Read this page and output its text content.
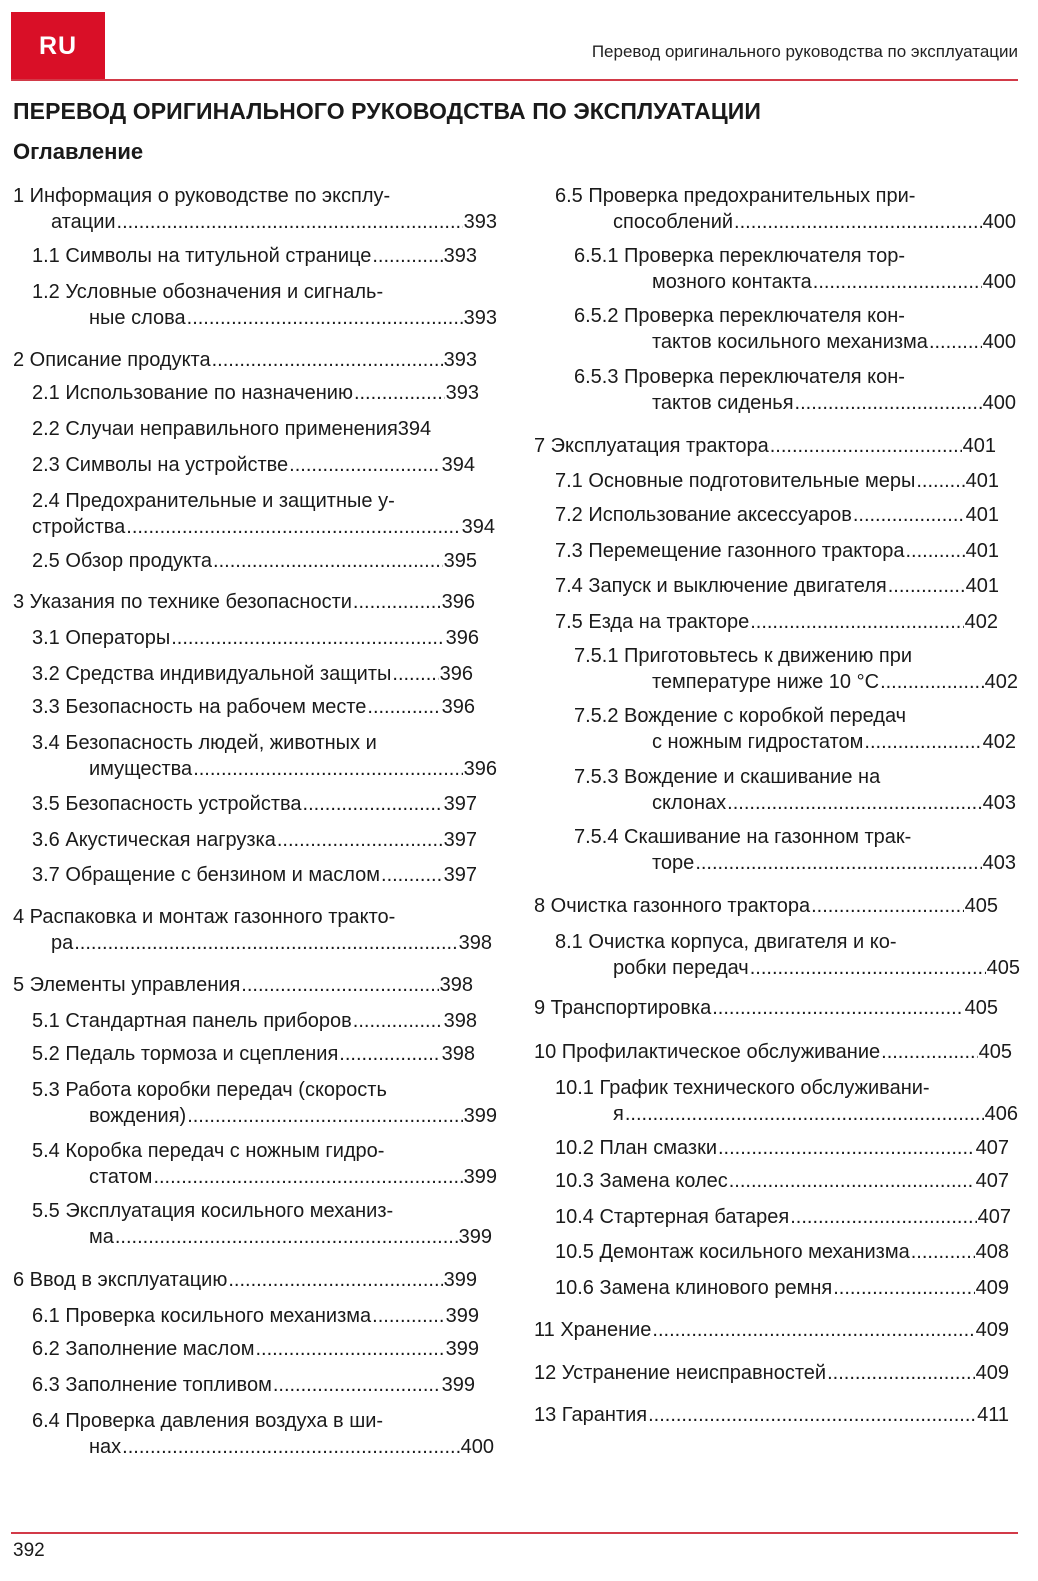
RU	Перевод оригинального руководства по эксплуатации
ПЕРЕВОД ОРИГИНАЛЬНОГО РУКОВОДСТВА ПО ЭКСПЛУАТАЦИИ
Оглавление
1 Информация о руководстве по эксплу-
атации .....	393
1.1 Символы на титульной странице .....	393
1.2 Условные обозначения и сигналь-
ные слова .....	393
2 Описание продукта .....	393
2.1 Использование по назначению .....	393
2.2 Случаи неправильного применения 394
2.3 Символы на устройстве .....	394
2.4 Предохранительные и защитные у-
стройства .....	394
2.5 Обзор продукта .....	395
3 Указания по технике безопасности .....	396
3.1 Операторы .....	396
3.2 Средства индивидуальной защиты ..... 396
3.3 Безопасность на рабочем месте .....	396
3.4 Безопасность людей, животных и
имущества .....	396
3.5 Безопасность устройства .....	397
3.6 Акустическая нагрузка .....	397
3.7 Обращение с бензином и маслом .....	397
4 Распаковка и монтаж газонного тракто-
ра .....	398
5 Элементы управления .....	398
5.1 Стандартная панель приборов .....	398
5.2 Педаль тормоза и сцепления .....	398
5.3 Работа коробки передач (скорость
вождения) .....	399
5.4 Коробка передач с ножным гидро-
статом .....	399
5.5 Эксплуатация косильного механиз-
ма .....	399
6 Ввод в эксплуатацию .....	399
6.1 Проверка косильного механизма .....	399
6.2 Заполнение маслом .....	399
6.3 Заполнение топливом .....	399
6.4 Проверка давления воздуха в ши-
нах .....	400
6.5 Проверка предохранительных при-
способлений .....	400
6.5.1 Проверка переключателя тор-
мозного контакта .....	400
6.5.2 Проверка переключателя кон-
тактов косильного механизма .....	400
6.5.3 Проверка переключателя кон-
тактов сиденья .....	400
7 Эксплуатация трактора .....	401
7.1 Основные подготовительные меры .....	401
7.2 Использование аксессуаров .....	401
7.3 Перемещение газонного трактора .....	401
7.4 Запуск и выключение двигателя .....	401
7.5 Езда на тракторе .....	402
7.5.1 Приготовьтесь к движению при
температуре ниже 10 °C .....	402
7.5.2 Вождение с коробкой передач
с ножным гидростатом .....	402
7.5.3 Вождение и скашивание на
склонах .....	403
7.5.4 Скашивание на газонном трак-
торе .....	403
8 Очистка газонного трактора .....	405
8.1 Очистка корпуса, двигателя и ко-
робки передач .....	405
9 Транспортировка .....	405
10 Профилактическое обслуживание .....	405
10.1 График технического обслуживани-
я .....	406
10.2 План смазки .....	407
10.3 Замена колес .....	407
10.4 Стартерная батарея .....	407
10.5 Демонтаж косильного механизма .....	408
10.6 Замена клинового ремня .....	409
11 Хранение .....	409
12 Устранение неисправностей .....	409
13 Гарантия .....	411
392
